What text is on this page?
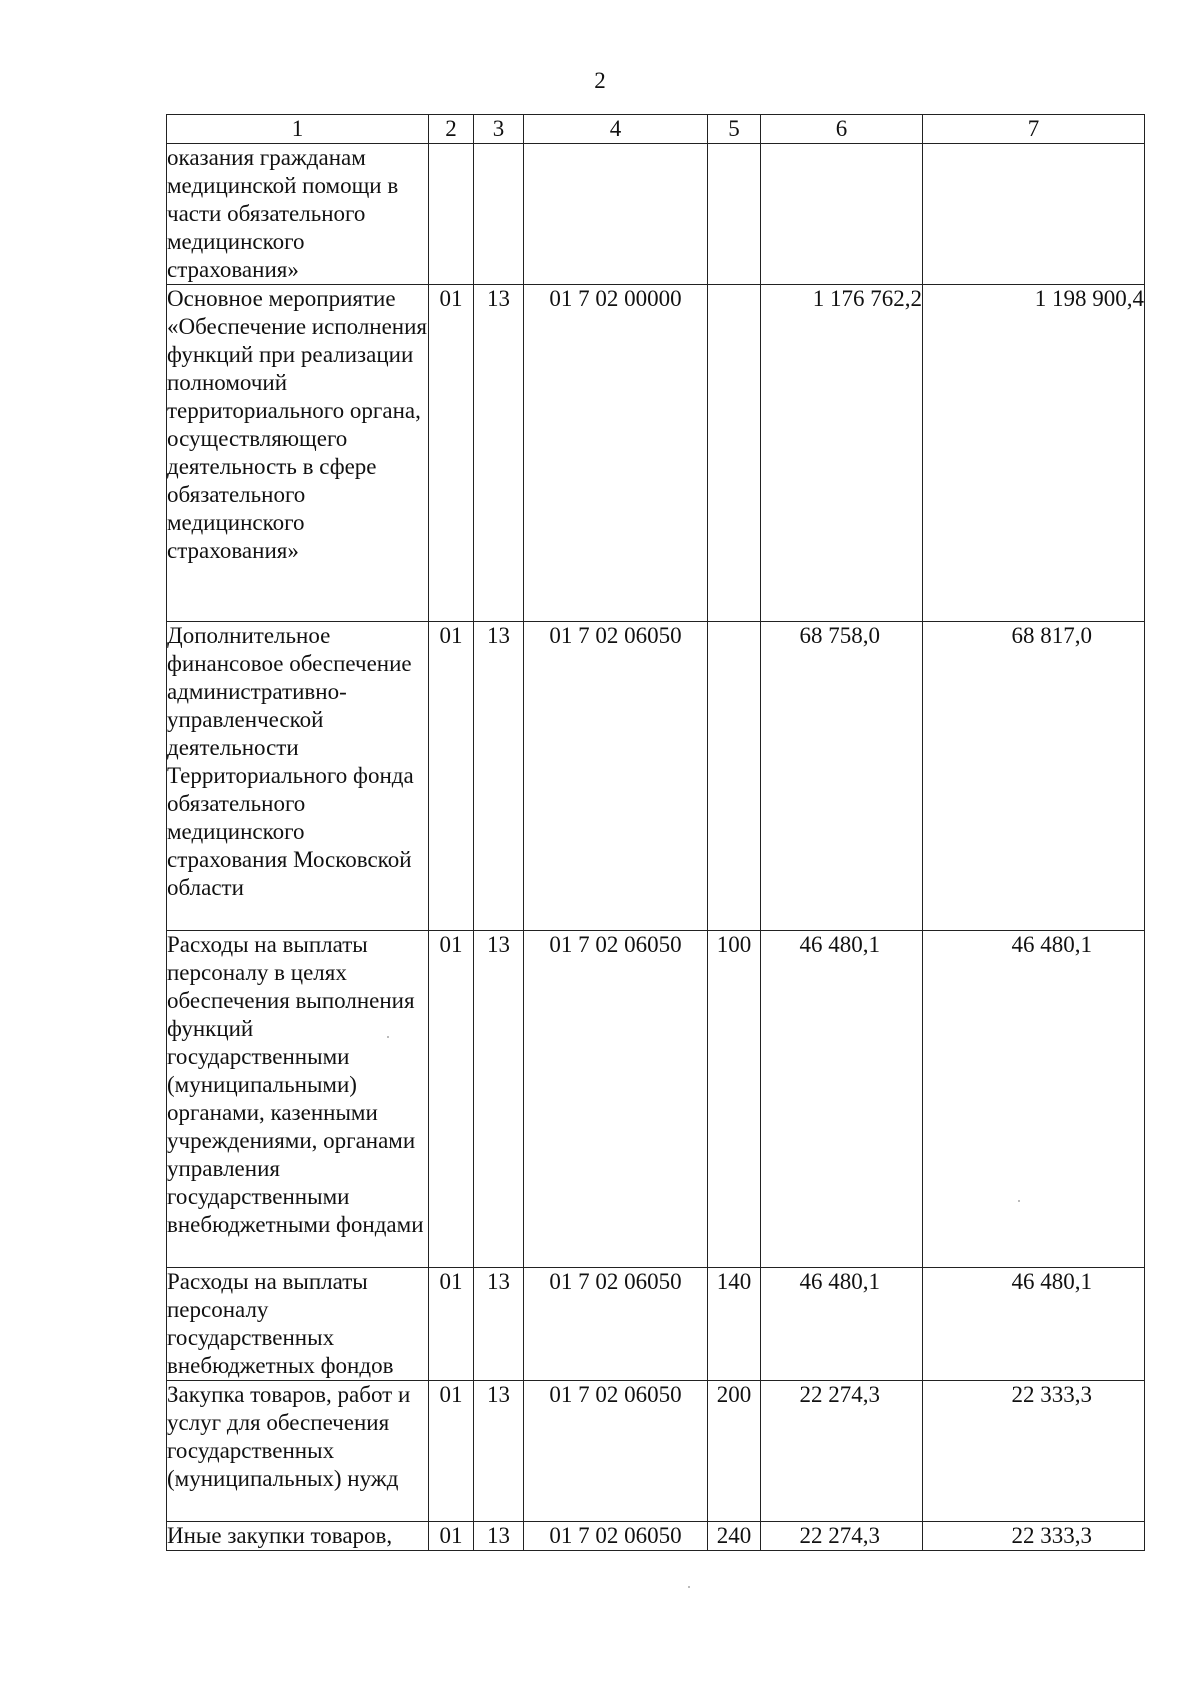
2
1	2	3	4	5	6	7
оказания гражданам медицинской помощи в части обязательного медицинского страхования»						
Основное мероприятие «Обеспечение исполнения функций при реализации полномочий территориального органа, осуществляющего деятельность в сфере обязательного медицинского страхования»	01	13	01 7 02 00000		1 176 762,2	1 198 900,4
Дополнительное финансовое обеспечение административно-управленческой деятельности Территориального фонда обязательного медицинского страхования Московской области	01	13	01 7 02 06050		68 758,0	68 817,0
Расходы на выплаты персоналу в целях обеспечения выполнения функций государственными (муниципальными) органами, казенными учреждениями, органами управления государственными внебюджетными фондами	01	13	01 7 02 06050	100	46 480,1	46 480,1
Расходы на выплаты персоналу государственных внебюджетных фондов	01	13	01 7 02 06050	140	46 480,1	46 480,1
Закупка товаров, работ и услуг для обеспечения государственных (муниципальных) нужд	01	13	01 7 02 06050	200	22 274,3	22 333,3
Иные закупки товаров,	01	13	01 7 02 06050	240	22 274,3	22 333,3
